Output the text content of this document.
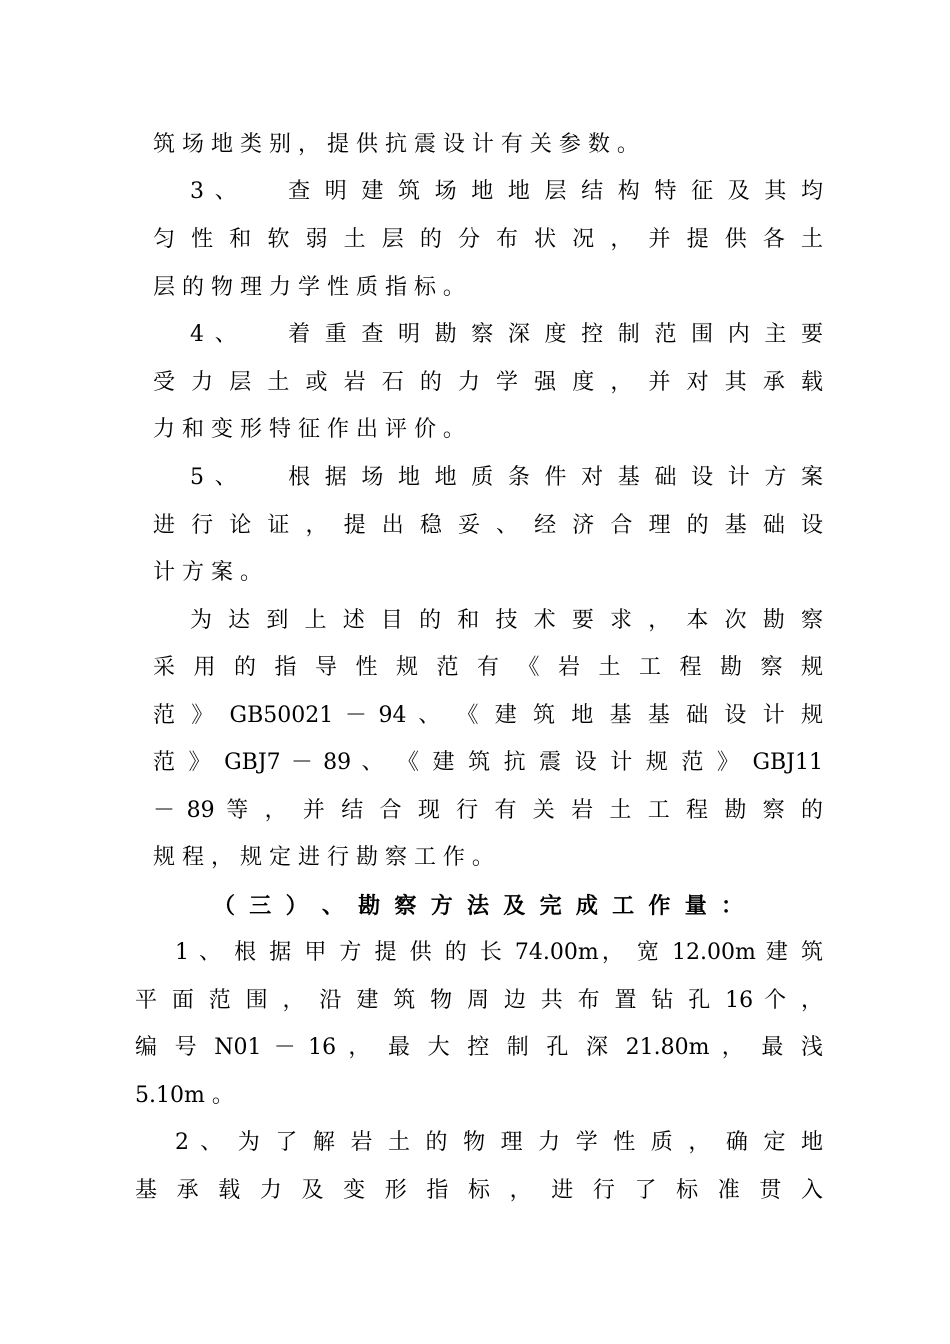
筑 场 地 类 别 ， 提 供 抗 震 设 计 有 关 参 数 。

3 、 　 查 明 建 筑 场 地 地 层 结 构 特 征 及 其 均

匀 性 和 软 弱 土 层 的 分 布 状 况 ， 并 提 供 各 土

层 的 物 理 力 学 性 质 指 标 。

4 、 　 着 重 查 明 勘 察 深 度 控 制 范 围 内 主 要

受 力 层 土 或 岩 石 的 力 学 强 度 ， 并 对 其 承 载

力 和 变 形 特 征 作 出 评 价 。

5 、 　 根 据 场 地 地 质 条 件 对 基 础 设 计 方 案

进 行 论 证 ， 提 出 稳 妥 、 经 济 合 理 的 基 础 设

计 方 案 。

为 达 到 上 述 目 的 和 技 术 要 求 ， 本 次 勘 察

采 用 的 指 导 性 规 范 有 《 岩 土 工 程 勘 察 规

范 》 GB50021 － 94 、 《 建 筑 地 基 基 础 设 计 规

范 》 GBJ7 － 89 、 《 建 筑 抗 震 设 计 规 范 》 GBJ11

－ 89 等 ， 并 结 合 现 行 有 关 岩 土 工 程 勘 察 的

规 程 ， 规 定 进 行 勘 察 工 作 。

（ 三 ） 、 勘 察 方 法 及 完 成 工 作 量 ：

1 、 根 据 甲 方 提 供 的 长 74.00m， 宽 12.00m 建 筑

平 面 范 围 ， 沿 建 筑 物 周 边 共 布 置 钻 孔 16 个 ，

编 号 N01 － 16 ， 最 大 控 制 孔 深 21.80m ， 最 浅

5.10m 。

2 、 为 了 解 岩 土 的 物 理 力 学 性 质 ， 确 定 地

基 承 载 力 及 变 形 指 标 ， 进 行 了 标 准 贯 入
